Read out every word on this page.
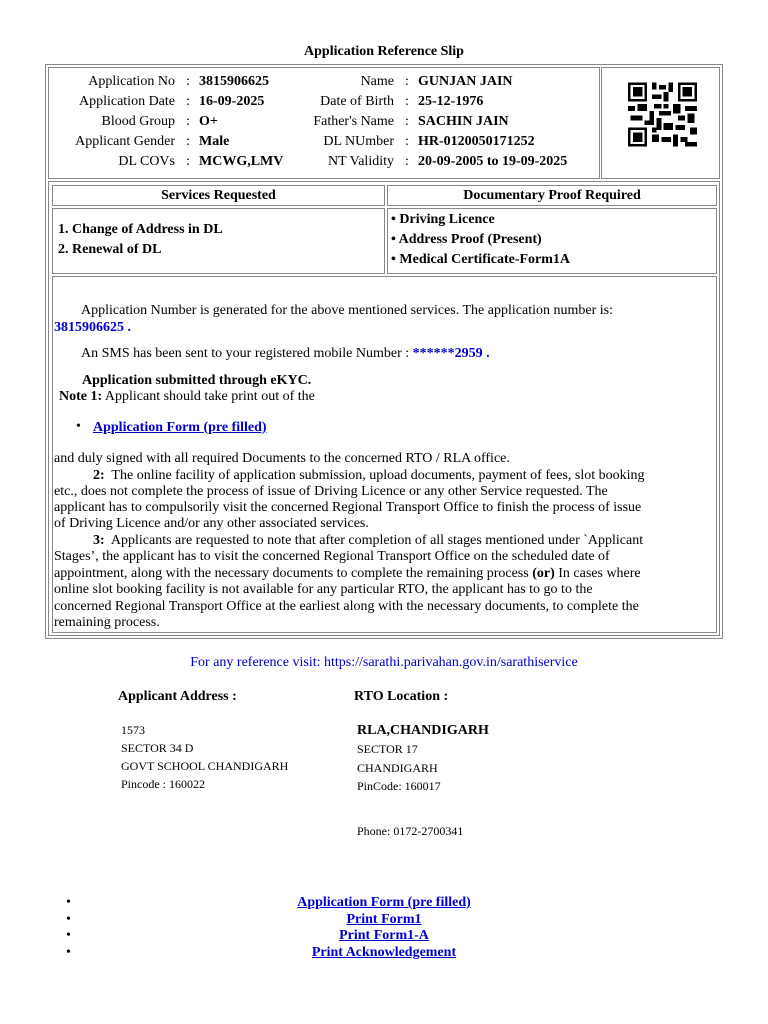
Application Reference Slip
Application No : 3815906625	Name : GUNJAN JAIN
Application Date : 16-09-2025	Date of Birth : 25-12-1976
Blood Group : O+	Father's Name : SACHIN JAIN
Applicant Gender : Male	DL NUmber : HR-0120050171252
DL COVs : MCWG,LMV	NT Validity : 20-09-2005 to 19-09-2025
Services Requested	Documentary Proof Required
1. Change of Address in DL
2. Renewal of DL
• Driving Licence
• Address Proof (Present)
• Medical Certificate-Form1A
Application Number is generated for the above mentioned services. The application number is:
3815906625 .
An SMS has been sent to your registered mobile Number : ******2959 .
Application submitted through eKYC.
Note 1: Applicant should take print out of the
• Application Form (pre filled)
and duly signed with all required Documents to the concerned RTO / RLA office.
2: The online facility of application submission, upload documents, payment of fees, slot booking
etc., does not complete the process of issue of Driving Licence or any other Service requested. The
applicant has to compulsorily visit the concerned Regional Transport Office to finish the process of issue
of Driving Licence and/or any other associated services.
3: Applicants are requested to note that after completion of all stages mentioned under `Applicant
Stages’, the applicant has to visit the concerned Regional Transport Office on the scheduled date of
appointment, along with the necessary documents to complete the remaining process (or) In cases where
online slot booking facility is not available for any particular RTO, the applicant has to go to the
concerned Regional Transport Office at the earliest along with the necessary documents, to complete the
remaining process.
For any reference visit: https://sarathi.parivahan.gov.in/sarathiservice
Applicant Address :
1573
SECTOR 34 D
GOVT SCHOOL CHANDIGARH
Pincode : 160022
RTO Location :
RLA,CHANDIGARH
SECTOR 17
CHANDIGARH
PinCode: 160017
Phone: 0172-2700341
• Application Form (pre filled)
• Print Form1
• Print Form1-A
• Print Acknowledgement
